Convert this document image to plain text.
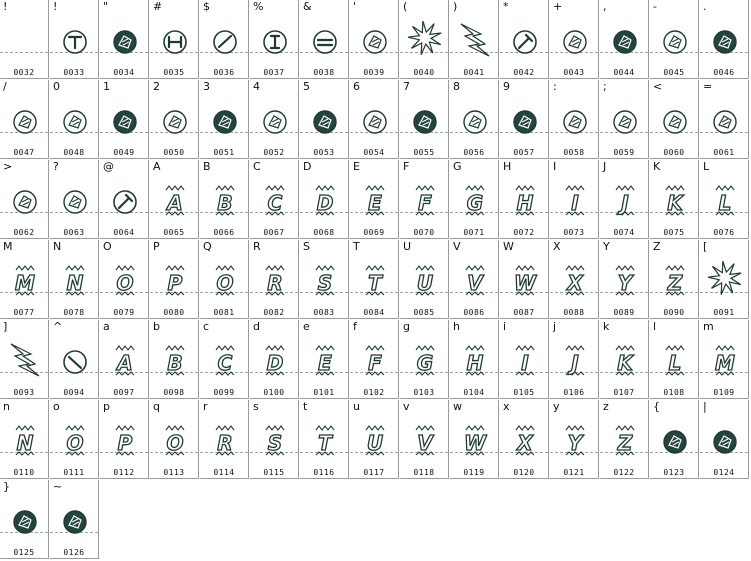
!
0032
!
0033
"
0034
#
0035
$
0036
%
0037
&
0038
'
0039
(
0040
)
0041
*
0042
+
0043
,
0044
-
0045
.
0046
/
0047
0
0048
1
0049
2
0050
3
0051
4
0052
5
0053
6
0054
7
0055
8
0056
9
0057
:
0058
;
0059
<
0060
=
0061
>
0062
?
0063
@
0064
A
A
0065
B
B
0066
C
C
0067
D
D
0068
E
E
0069
F
F
0070
G
G
0071
H
H
0072
I
I
0073
J
J
0074
K
K
0075
L
L
0076
M
M
0077
N
N
0078
O
O
0079
P
P
0080
Q
O
0081
R
R
0082
S
S
0083
T
T
0084
U
U
0085
V
V
0086
W
W
0087
X
X
0088
Y
Y
0089
Z
Z
0090
[
0091
]
0093
^
0094
a
A
0097
b
B
0098
c
C
0099
d
D
0100
e
E
0101
f
F
0102
g
G
0103
h
H
0104
i
I
0105
j
J
0106
k
K
0107
l
L
0108
m
M
0109
n
N
0110
o
O
0111
p
P
0112
q
O
0113
r
R
0114
s
S
0115
t
T
0116
u
U
0117
v
V
0118
w
W
0119
x
X
0120
y
Y
0121
z
Z
0122
{
0123
|
0124
}
0125
~
0126
